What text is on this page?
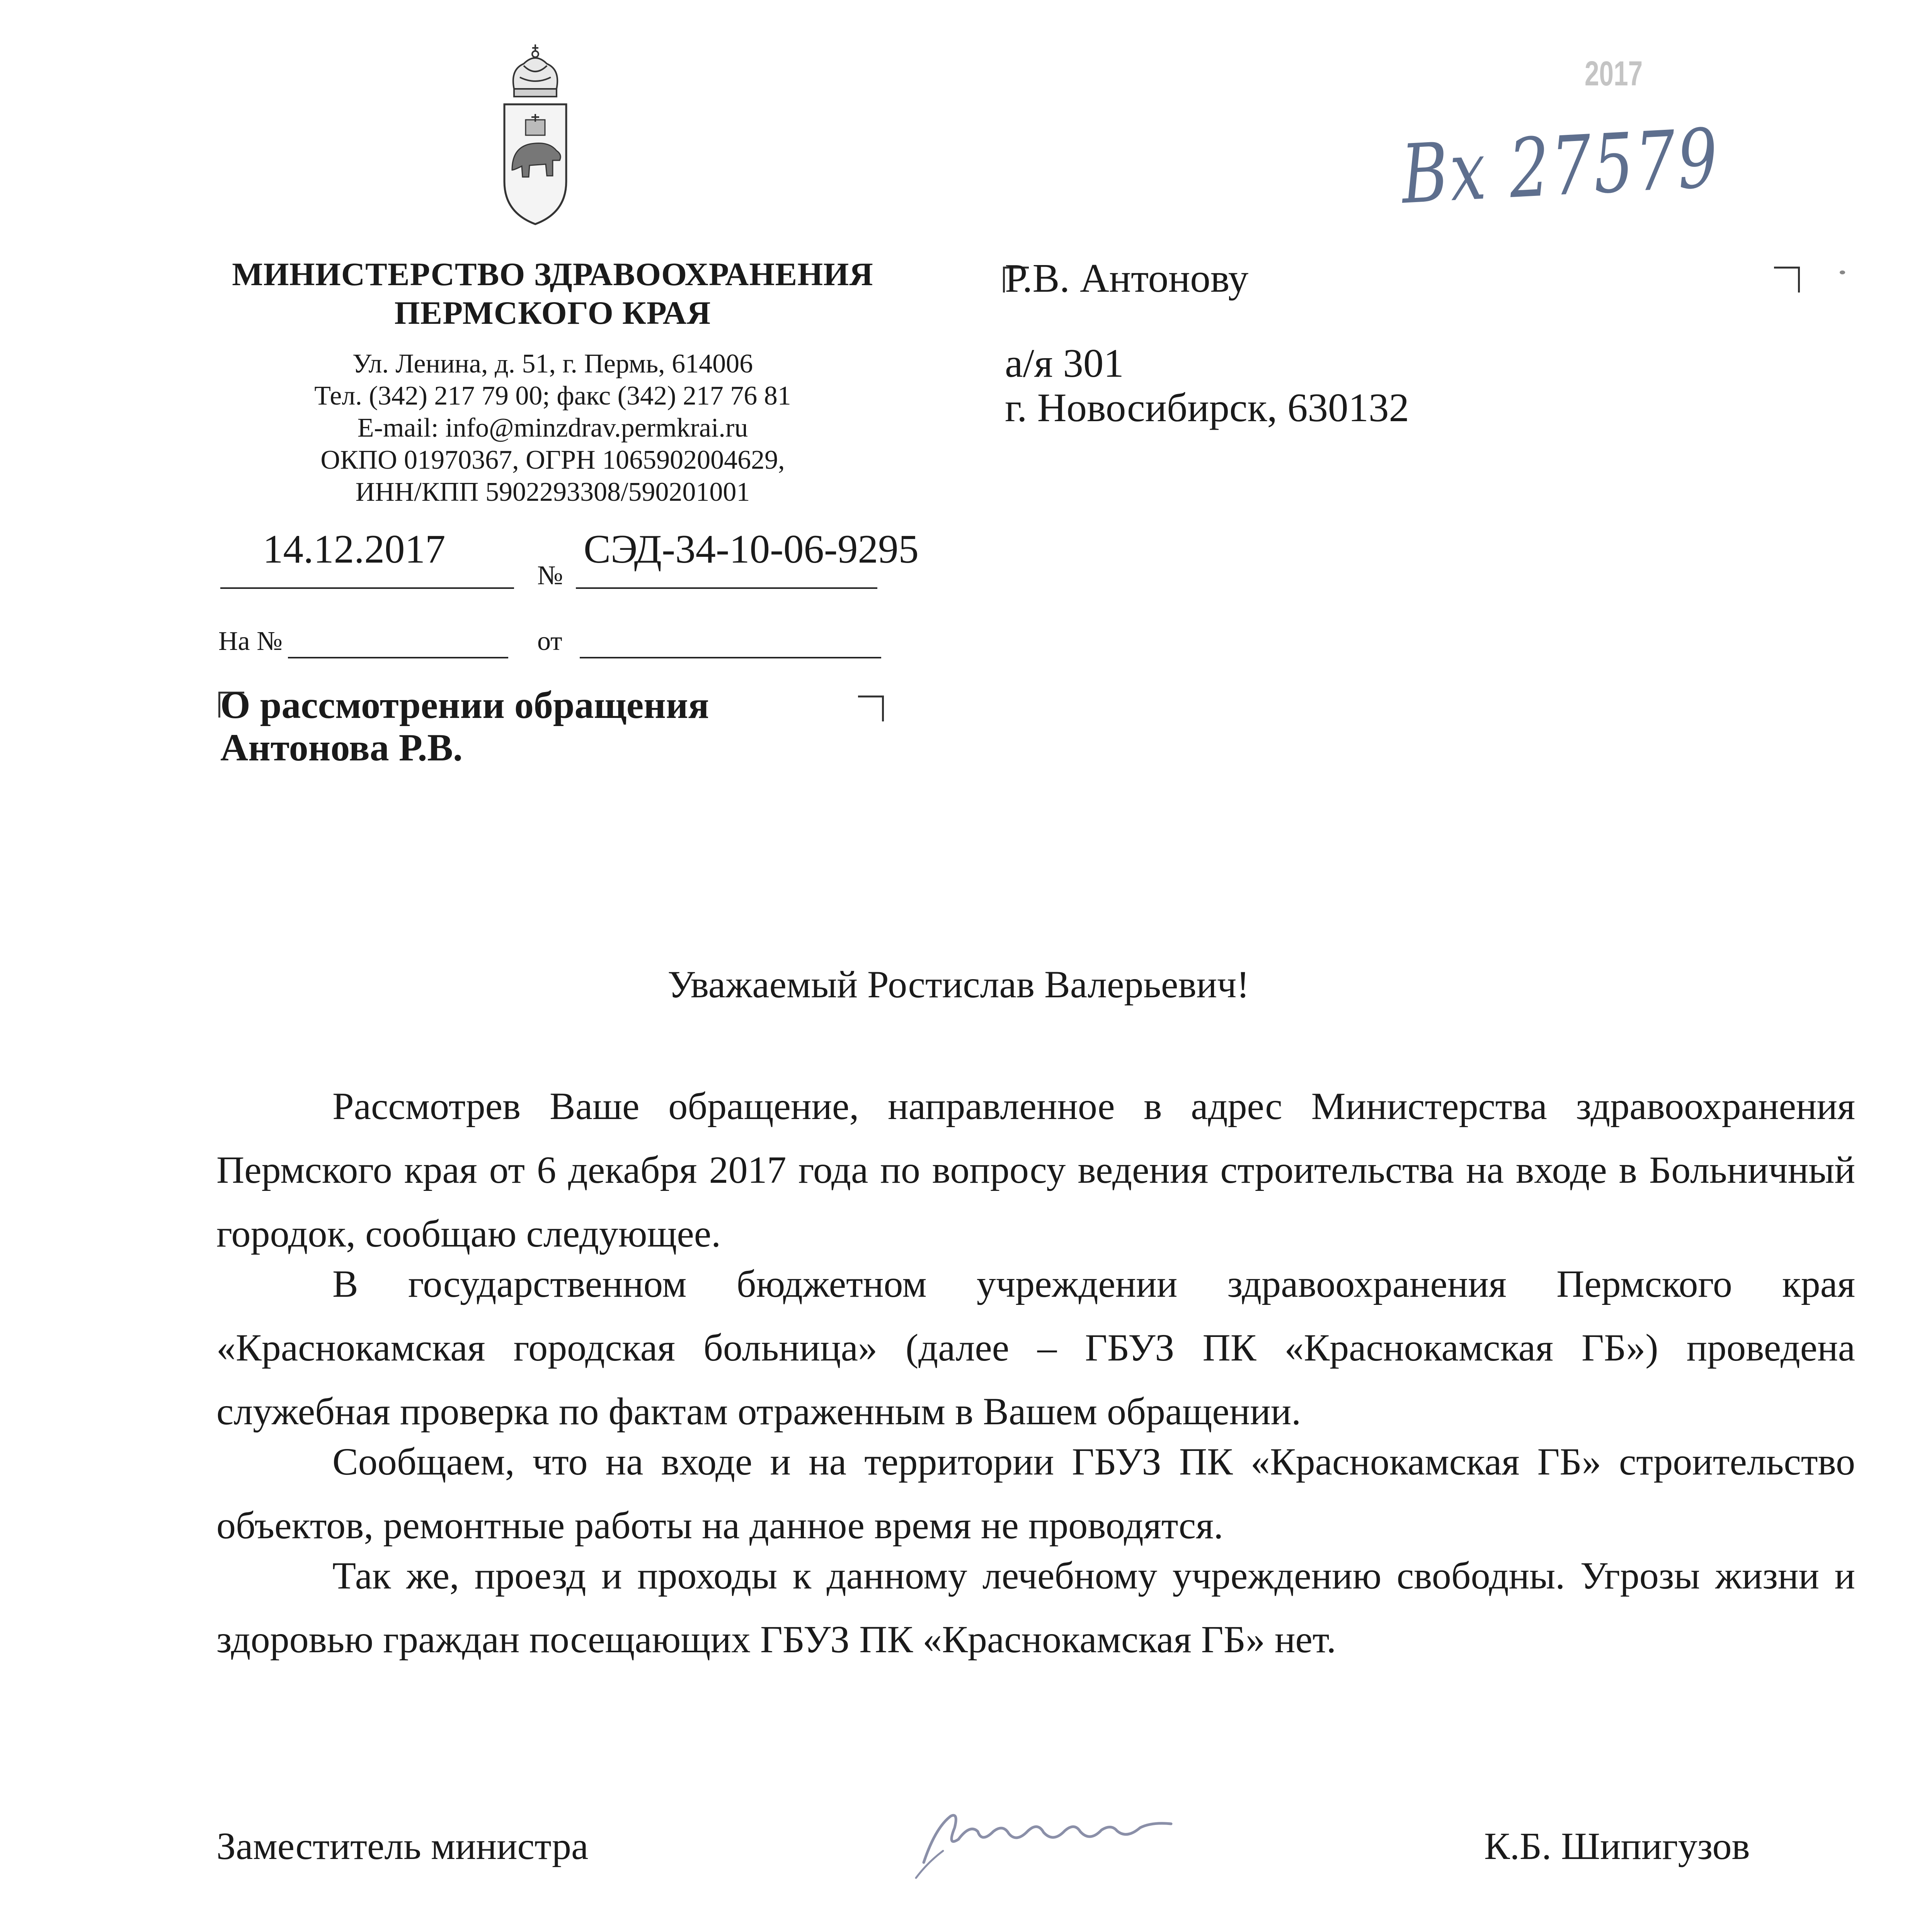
2017
Вх 27579
МИНИСТЕРСТВО ЗДРАВООХРАНЕНИЯ
ПЕРМСКОГО КРАЯ
Ул. Ленина, д. 51, г. Пермь, 614006
Тел. (342) 217 79 00; факс (342) 217 76 81
E-mail: info@minzdrav.permkrai.ru
ОКПО 01970367, ОГРН 1065902004629,
ИНН/КПП 5902293308/590201001
14.12.2017
№
СЭД-34-10-06-9295
На №	от
О рассмотрении обращения
Антонова Р.В.
Р.В. Антонову
а/я 301
г. Новосибирск, 630132
Уважаемый Ростислав Валерьевич!
Рассмотрев Ваше обращение, направленное в адрес Министерства здравоохранения Пермского края от 6 декабря 2017 года по вопросу ведения строительства на входе в Больничный городок, сообщаю следующее.
В государственном бюджетном учреждении здравоохранения Пермского края «Краснокамская городская больница» (далее – ГБУЗ ПК «Краснокамская ГБ») проведена служебная проверка по фактам отраженным в Вашем обращении.
Сообщаем, что на входе и на территории ГБУЗ ПК «Краснокамская ГБ» строительство объектов, ремонтные работы на данное время не проводятся.
Так же, проезд и проходы к данному лечебному учреждению свободны. Угрозы жизни и здоровью граждан посещающих ГБУЗ ПК «Краснокамская ГБ» нет.
Заместитель министра	К.Б. Шипигузов
